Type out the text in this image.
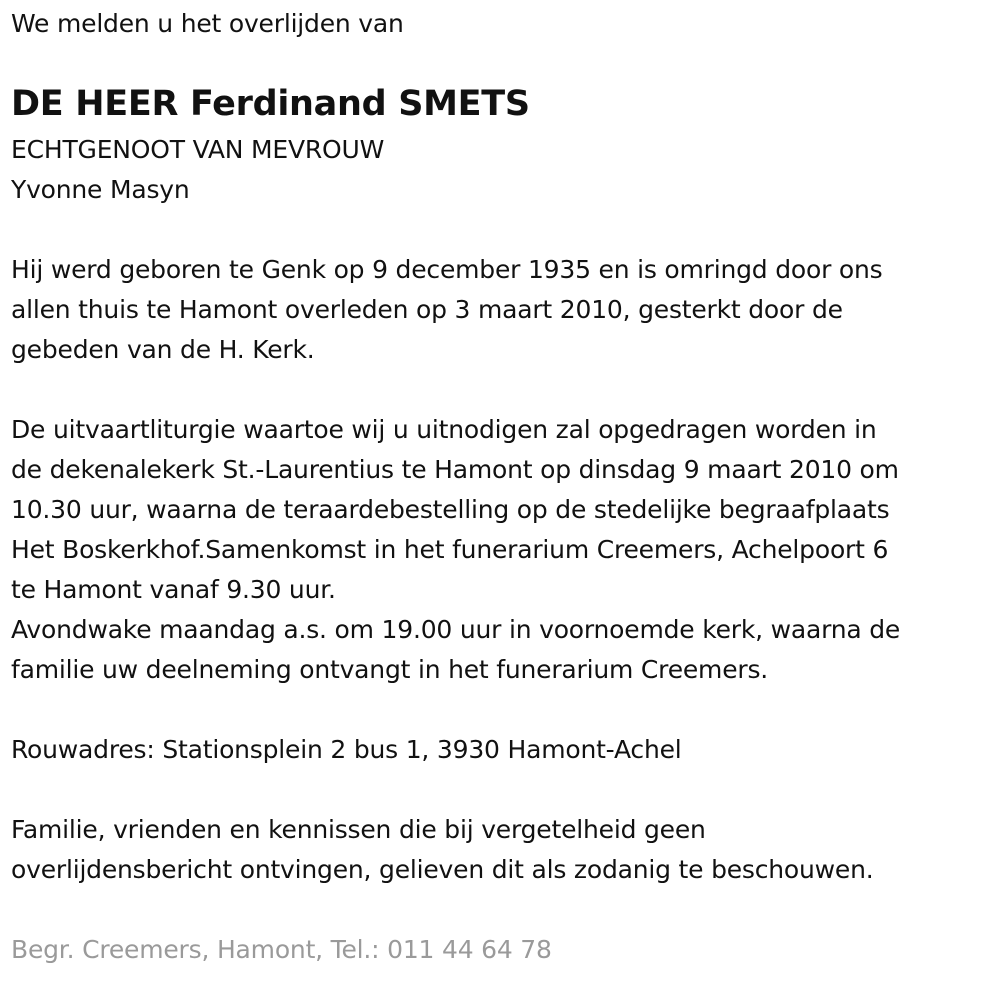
We melden u het overlijden van
DE HEER Ferdinand SMETS
ECHTGENOOT VAN MEVROUW
Yvonne Masyn
Hij werd geboren te Genk op 9 december 1935 en is omringd door ons
allen thuis te Hamont overleden op 3 maart 2010, gesterkt door de
gebeden van de H. Kerk.
De uitvaartliturgie waartoe wij u uitnodigen zal opgedragen worden in
de dekenalekerk St.-Laurentius te Hamont op dinsdag 9 maart 2010 om
10.30 uur, waarna de teraardebestelling op de stedelijke begraafplaats
Het Boskerkhof.Samenkomst in het funerarium Creemers, Achelpoort 6
te Hamont vanaf 9.30 uur.
Avondwake maandag a.s. om 19.00 uur in voornoemde kerk, waarna de
familie uw deelneming ontvangt in het funerarium Creemers.
Rouwadres: Stationsplein 2 bus 1, 3930 Hamont-Achel
Familie, vrienden en kennissen die bij vergetelheid geen
overlijdensbericht ontvingen, gelieven dit als zodanig te beschouwen.
Begr. Creemers, Hamont, Tel.: 011 44 64 78
